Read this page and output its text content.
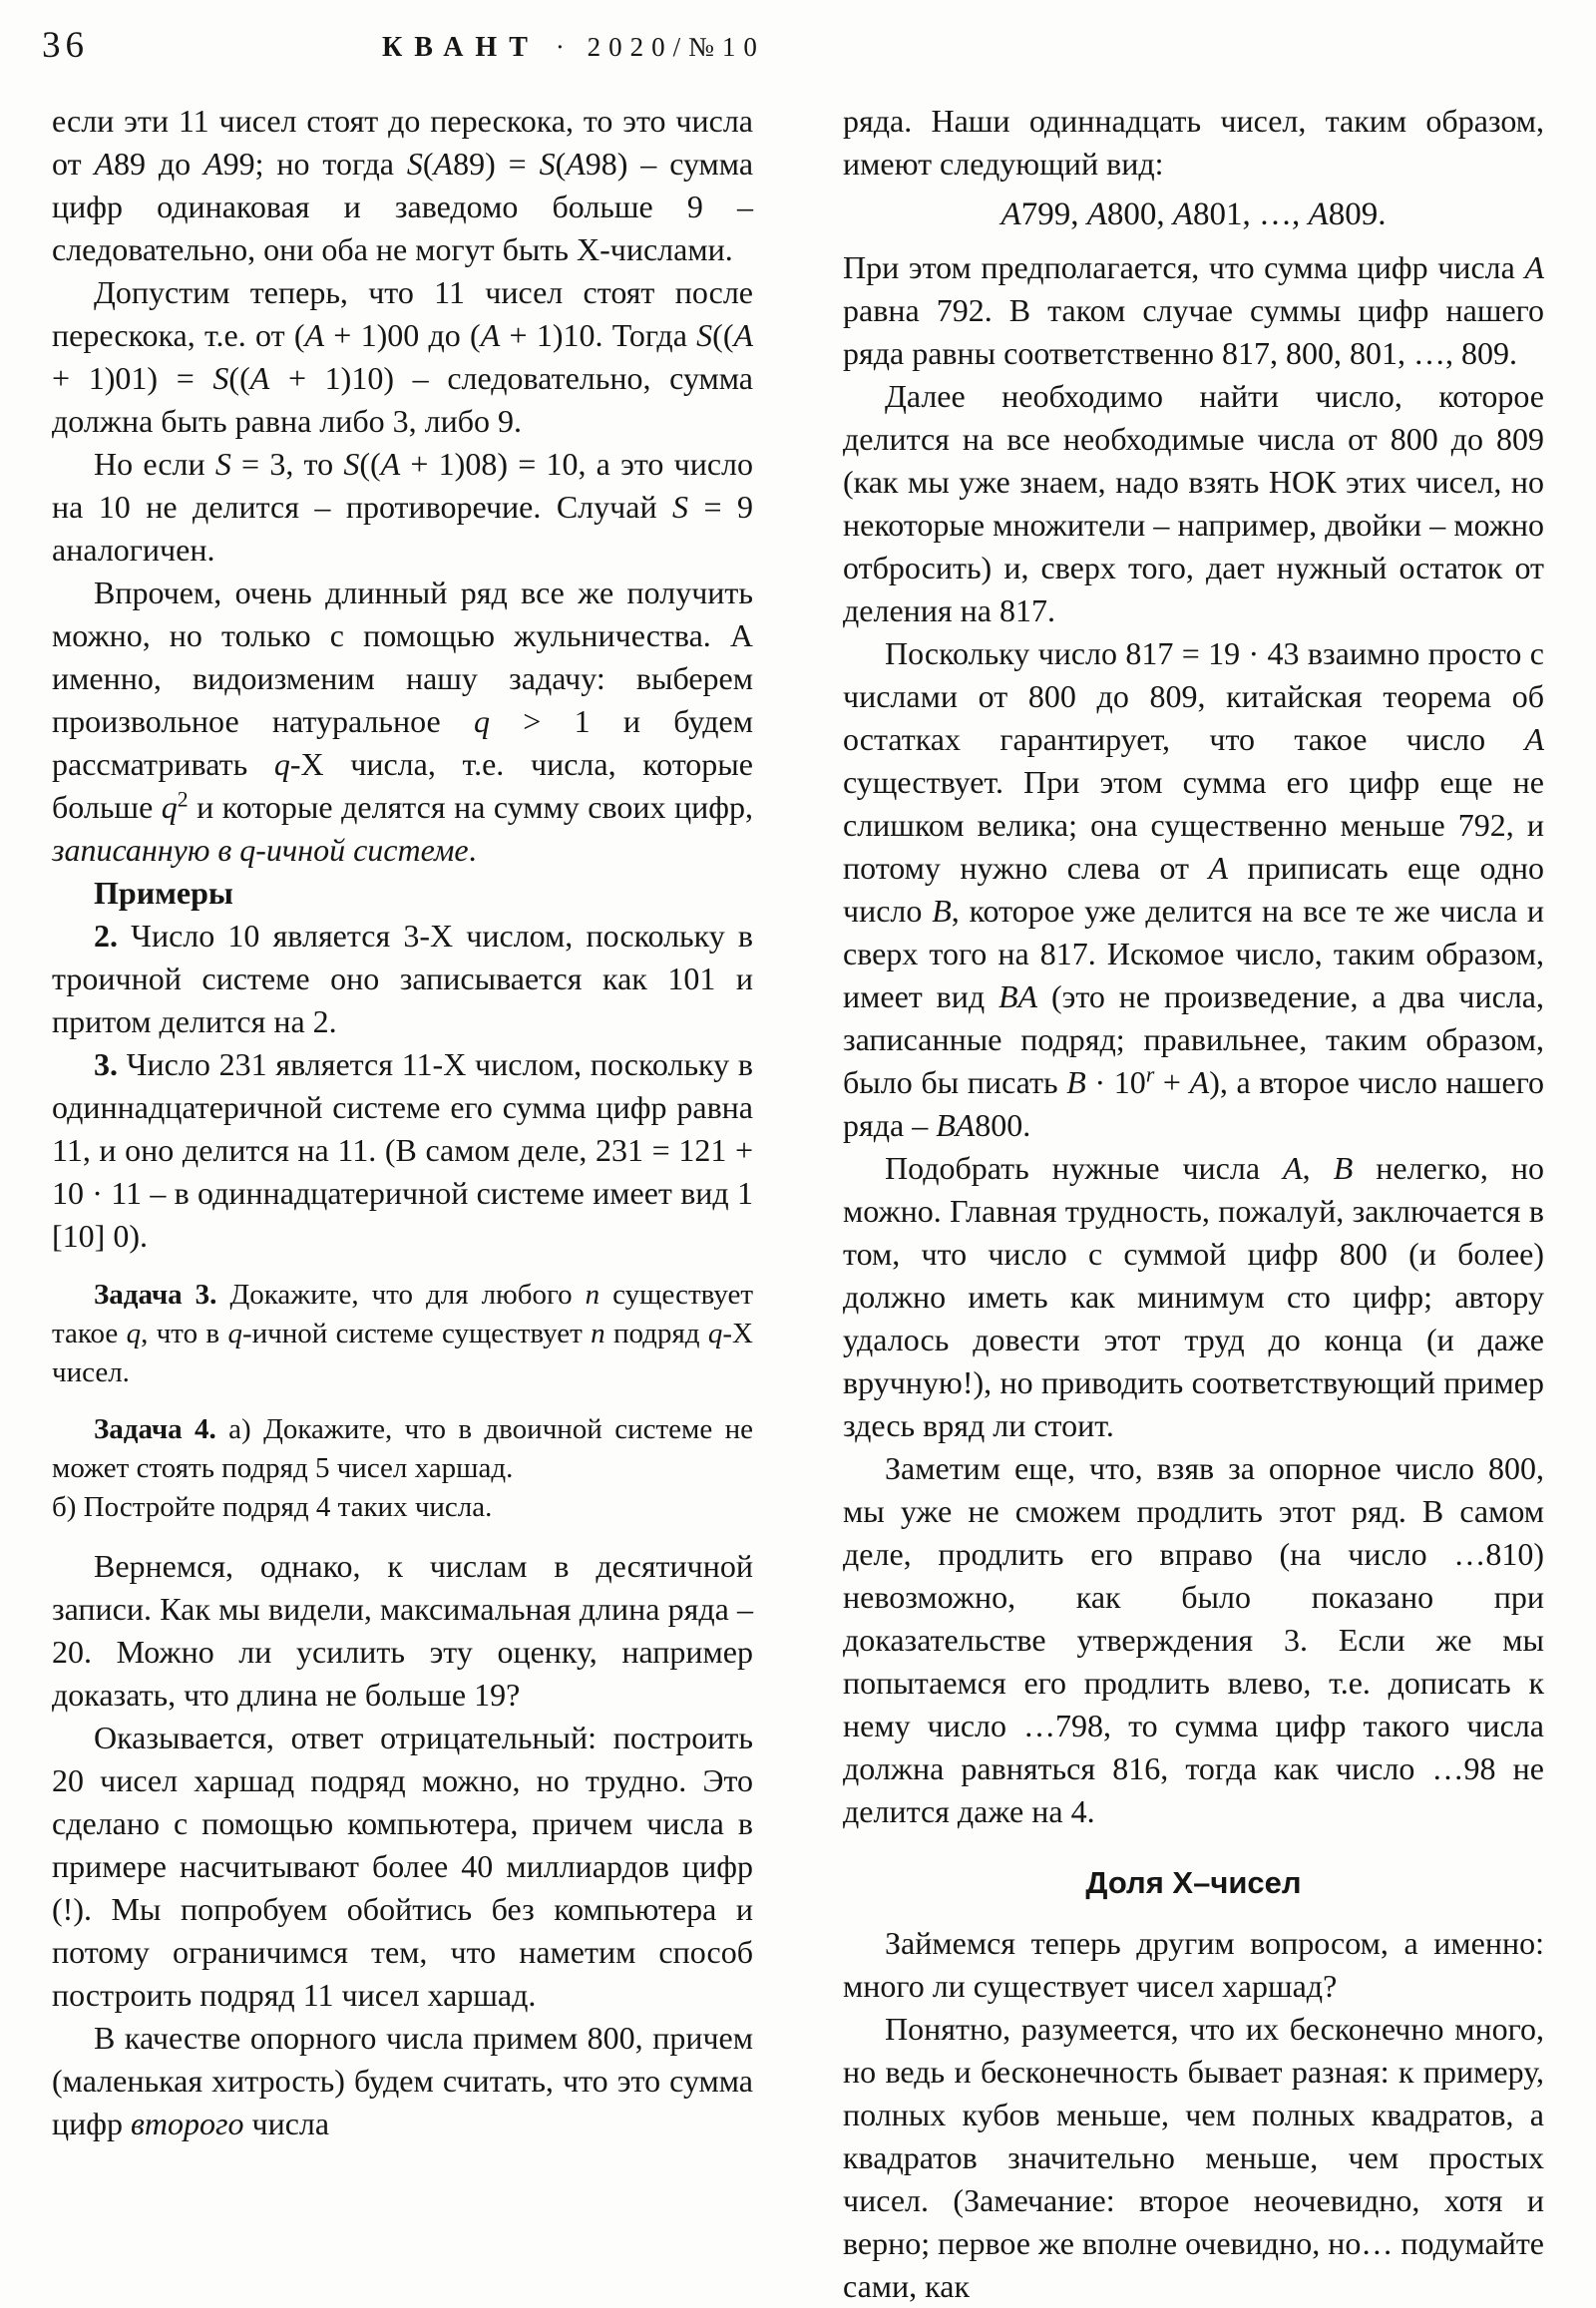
36	КВАНТ · 2020/№10

если эти 11 чисел стоят до перескока, то это числа от A89 до A99; но тогда S(A89) = S(A98) – сумма цифр одинаковая и заведомо больше 9 – следовательно, они оба не могут быть Х-числами.

Допустим теперь, что 11 чисел стоят после перескока, т.е. от (A + 1)00 до (A + 1)10. Тогда S((A + 1)01) = S((A + 1)10) – следовательно, сумма должна быть равна либо 3, либо 9.

Но если S = 3, то S((A + 1)08) = 10, а это число на 10 не делится – противоречие. Случай S = 9 аналогичен.

Впрочем, очень длинный ряд все же получить можно, но только с помощью жульничества. А именно, видоизменим нашу задачу: выберем произвольное натуральное q > 1 и будем рассматривать q-Х числа, т.е. числа, которые больше $q^2$ и которые делятся на сумму своих цифр, записанную в q-ичной системе.

Примеры

2. Число 10 является 3-Х числом, поскольку в троичной системе оно записывается как 101 и притом делится на 2.

3. Число 231 является 11-Х числом, поскольку в одиннадцатеричной системе его сумма цифр равна 11, и оно делится на 11. (В самом деле, 231 = 121 + 10 · 11 – в одиннадцатеричной системе имеет вид 1 [10] 0).

Задача 3. Докажите, что для любого n существует такое q, что в q-ичной системе существует n подряд q-Х чисел.

Задача 4. а) Докажите, что в двоичной системе не может стоять подряд 5 чисел харшад.

б) Постройте подряд 4 таких числа.

Вернемся, однако, к числам в десятичной записи. Как мы видели, максимальная длина ряда – 20. Можно ли усилить эту оценку, например доказать, что длина не больше 19?

Оказывается, ответ отрицательный: построить 20 чисел харшад подряд можно, но трудно. Это сделано с помощью компьютера, причем числа в примере насчитывают более 40 миллиардов цифр (!). Мы попробуем обойтись без компьютера и потому ограничимся тем, что наметим способ построить подряд 11 чисел харшад.

В качестве опорного числа примем 800, причем (маленькая хитрость) будем считать, что это сумма цифр второго числа

ряда. Наши одиннадцать чисел, таким образом, имеют следующий вид:

A799, A800, A801, …, A809.

При этом предполагается, что сумма цифр числа A равна 792. В таком случае суммы цифр нашего ряда равны соответственно 817, 800, 801, …, 809.

Далее необходимо найти число, которое делится на все необходимые числа от 800 до 809 (как мы уже знаем, надо взять НОК этих чисел, но некоторые множители – например, двойки – можно отбросить) и, сверх того, дает нужный остаток от деления на 817.

Поскольку число 817 = 19 · 43 взаимно просто с числами от 800 до 809, китайская теорема об остатках гарантирует, что такое число A существует. При этом сумма его цифр еще не слишком велика; она существенно меньше 792, и потому нужно слева от A приписать еще одно число B, которое уже делится на все те же числа и сверх того на 817. Искомое число, таким образом, имеет вид BA (это не произведение, а два числа, записанные подряд; правильнее, таким образом, было бы писать $B \cdot 10^r + A$), а второе число нашего ряда – BA800.

Подобрать нужные числа A, B нелегко, но можно. Главная трудность, пожалуй, заключается в том, что число с суммой цифр 800 (и более) должно иметь как минимум сто цифр; автору удалось довести этот труд до конца (и даже вручную!), но приводить соответствующий пример здесь вряд ли стоит.

Заметим еще, что, взяв за опорное число 800, мы уже не сможем продлить этот ряд. В самом деле, продлить его вправо (на число …810) невозможно, как было показано при доказательстве утверждения 3. Если же мы попытаемся его продлить влево, т.е. дописать к нему число …798, то сумма цифр такого числа должна равняться 816, тогда как число …98 не делится даже на 4.

Доля Х–чисел

Займемся теперь другим вопросом, а именно: много ли существует чисел харшад?

Понятно, разумеется, что их бесконечно много, но ведь и бесконечность бывает разная: к примеру, полных кубов меньше, чем полных квадратов, а квадратов значительно меньше, чем простых чисел. (Замечание: второе неочевидно, хотя и верно; первое же вполне очевидно, но… подумайте сами, как
